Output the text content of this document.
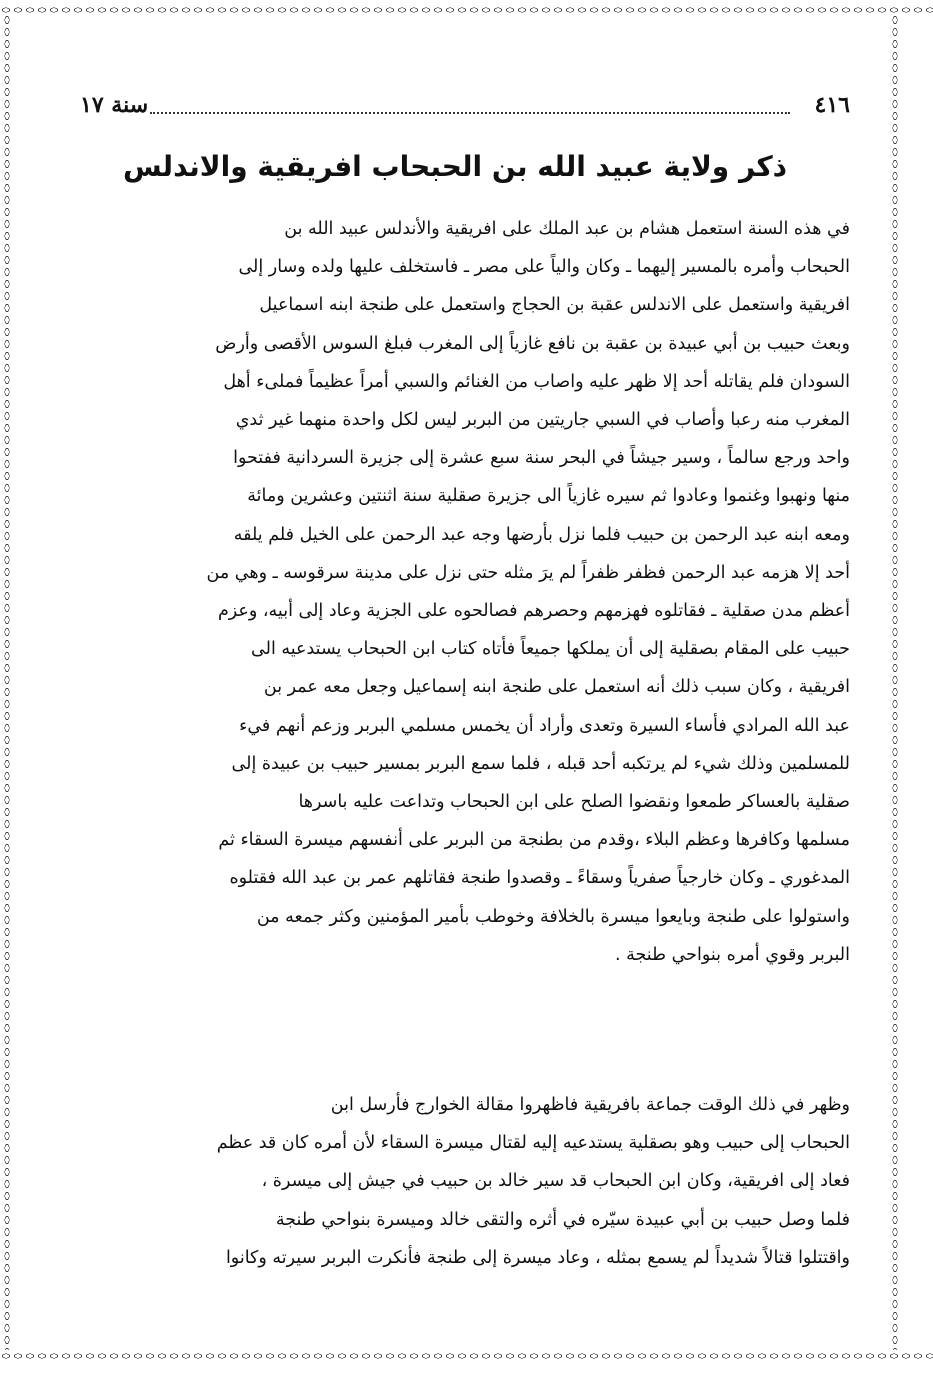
٤١٦
سنة ١٧
ذكر ولاية عبيد الله بن الحبحاب افريقية والاندلس
في هذه السنة استعمل هشام بن عبد الملك على افريقية والأندلس عبيد الله بن
الحبحاب وأمره بالمسير إليهما ـ وكان والياً على مصر ـ فاستخلف عليها ولده وسار إلى
افريقية واستعمل على الاندلس عقبة بن الحجاج واستعمل على طنجة ابنه اسماعيل
وبعث حبيب بن أبي عبيدة بن عقبة بن نافع غازياً إلى المغرب فبلغ السوس الأقصى وأرض
السودان فلم يقاتله أحد إلا ظهر عليه واصاب من الغنائم والسبي أمراً عظيماً فملىء أهل
المغرب منه رعبا وأصاب في السبي جاريتين من البربر ليس لكل واحدة منهما غير ثدي
واحد ورجع سالماً ، وسير جيشاً في البحر سنة سبع عشرة إلى جزيرة السردانية ففتحوا
منها ونهبوا وغنموا وعادوا ثم سيره غازياً الى جزيرة صقلية سنة اثنتين وعشرين ومائة
ومعه ابنه عبد الرحمن بن حبيب فلما نزل بأرضها وجه عبد الرحمن على الخيل فلم يلقه
أحد إلا هزمه عبد الرحمن فظفر ظفراً لم يرَ مثله حتى نزل على مدينة سرقوسه ـ وهي من
أعظم مدن صقلية ـ فقاتلوه فهزمهم وحصرهم فصالحوه على الجزية وعاد إلى أبيه، وعزم
حبيب على المقام بصقلية إلى أن يملكها جميعاً فأتاه كتاب ابن الحبحاب يستدعيه الى
افريقية ، وكان سبب ذلك أنه استعمل على طنجة ابنه إسماعيل وجعل معه عمر بن
عبد الله المرادي فأساء السيرة وتعدى وأراد أن يخمس مسلمي البربر وزعم أنهم فيء
للمسلمين وذلك شيء لم يرتكبه أحد قبله ، فلما سمع البربر بمسير حبيب بن عبيدة إلى
صقلية بالعساكر طمعوا ونقضوا الصلح على ابن الحبحاب وتداعت عليه باسرها
مسلمها وكافرها وعظم البلاء ،وقدم من بطنجة من البربر على أنفسهم ميسرة السقاء ثم
المدغوري ـ وكان خارجياً صفرياً وسقاءً ـ وقصدوا طنجة فقاتلهم عمر بن عبد الله فقتلوه
واستولوا على طنجة وبايعوا ميسرة بالخلافة وخوطب بأمير المؤمنين وكثر جمعه من
البربر وقوي أمره بنواحي طنجة .
وظهر في ذلك الوقت جماعة بافريقية فاظهروا مقالة الخوارج فأرسل ابن
الحبحاب إلى حبيب وهو بصقلية يستدعيه إليه لقتال ميسرة السقاء لأن أمره كان قد عظم
فعاد إلى افريقية، وكان ابن الحبحاب قد سير خالد بن حبيب في جيش إلى ميسرة ،
فلما وصل حبيب بن أبي عبيدة سيّره في أثره والتقى خالد وميسرة بنواحي طنجة
واقتتلوا قتالاً شديداً لم يسمع بمثله ، وعاد ميسرة إلى طنجة فأنكرت البربر سيرته وكانوا
